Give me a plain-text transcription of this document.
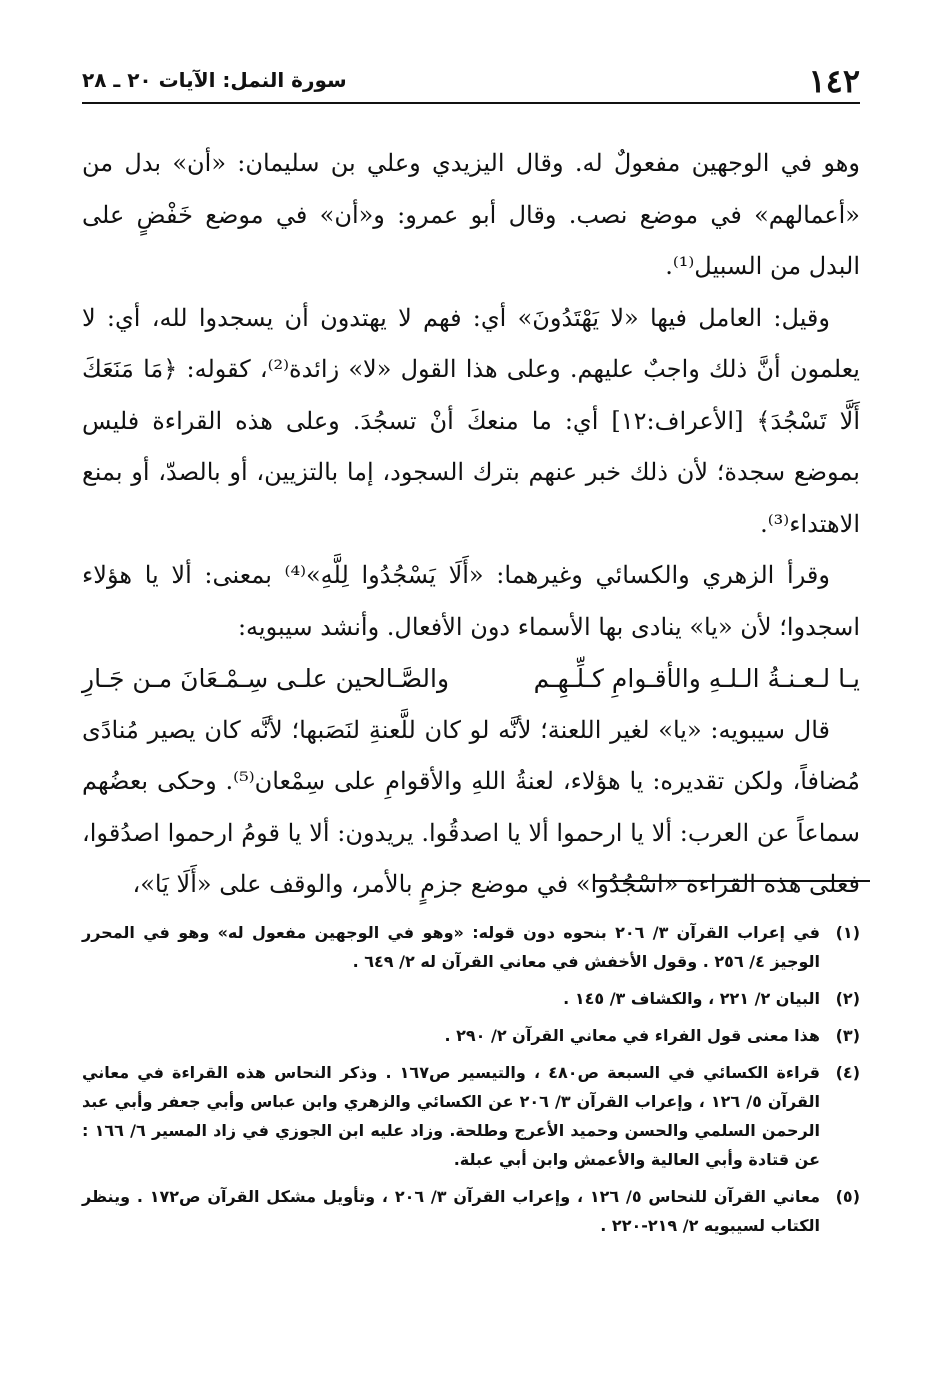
١٤٢
سورة النمل: الآيات ٢٠ ـ ٢٨

وهو في الوجهين مفعولٌ له. وقال اليزيدي وعلي بن سليمان: «أن» بدل من «أعمالهم» في موضع نصب. وقال أبو عمرو: و«أن» في موضع خَفْضٍ على البدل من السبيل⁽¹⁾.

وقيل: العامل فيها «لا يَهْتَدُونَ» أي: فهم لا يهتدون أن يسجدوا لله، أي: لا يعلمون أنَّ ذلك واجبٌ عليهم. وعلى هذا القول «لا» زائدة⁽²⁾، كقوله: ﴿مَا مَنَعَكَ أَلَّا تَسْجُدَ﴾ [الأعراف:١٢] أي: ما منعكَ أنْ تسجُدَ. وعلى هذه القراءة فليس بموضع سجدة؛ لأن ذلك خبر عنهم بترك السجود، إما بالتزيين، أو بالصدّ، أو بمنع الاهتداء⁽³⁾.

وقرأ الزهري والكسائي وغيرهما: «أَلَا يَسْجُدُوا لِلَّهِ»⁽⁴⁾ بمعنى: ألا يا هؤلاء اسجدوا؛ لأن «يا» ينادى بها الأسماء دون الأفعال. وأنشد سيبويه:

يـا لـعـنـةُ الـلـهِ والأقـوامِ كـلِّـهِـم
والصَّـالحين علـى سِـمْـعَانَ مـن جَـارِ

قال سيبويه: «يا» لغير اللعنة؛ لأنَّه لو كان للَّعنةِ لنَصَبها؛ لأنَّه كان يصير مُنادًى مُضافاً، ولكن تقديره: يا هؤلاء، لعنةُ اللهِ والأقوامِ على سِمْعان⁽⁵⁾. وحكى بعضُهم سماعاً عن العرب: ألا يا ارحموا ألا يا اصدقُوا. يريدون: ألا يا قومُ ارحموا اصدُقوا، فعلى هذه القراءة «اسْجُدُوا» في موضع جزمٍ بالأمر، والوقف على «أَلَا يَا»،

(١)
في إعراب القرآن ٣/ ٢٠٦ بنحوه دون قوله: «وهو في الوجهين مفعول له» وهو في المحرر الوجيز ٤/ ٢٥٦ . وقول الأخفش في معاني القرآن له ٢/ ٦٤٩ .
(٢)
البيان ٢/ ٢٢١ ، والكشاف ٣/ ١٤٥ .
(٣)
هذا معنى قول الفراء في معاني القرآن ٢/ ٢٩٠ .
(٤)
قراءة الكسائي في السبعة ص٤٨٠ ، والتيسير ص١٦٧ . وذكر النحاس هذه القراءة في معاني القرآن ٥/ ١٢٦ ، وإعراب القرآن ٣/ ٢٠٦ عن الكسائي والزهري وابن عباس وأبي جعفر وأبي عبد الرحمن السلمي والحسن وحميد الأعرج وطلحة. وزاد عليه ابن الجوزي في زاد المسير ٦/ ١٦٦ : عن قتادة وأبي العالية والأعمش وابن أبي عبلة.
(٥)
معاني القرآن للنحاس ٥/ ١٢٦ ، وإعراب القرآن ٣/ ٢٠٦ ، وتأويل مشكل القرآن ص١٧٢ . وينظر الكتاب لسيبويه ٢/ ٢١٩-٢٢٠ .
